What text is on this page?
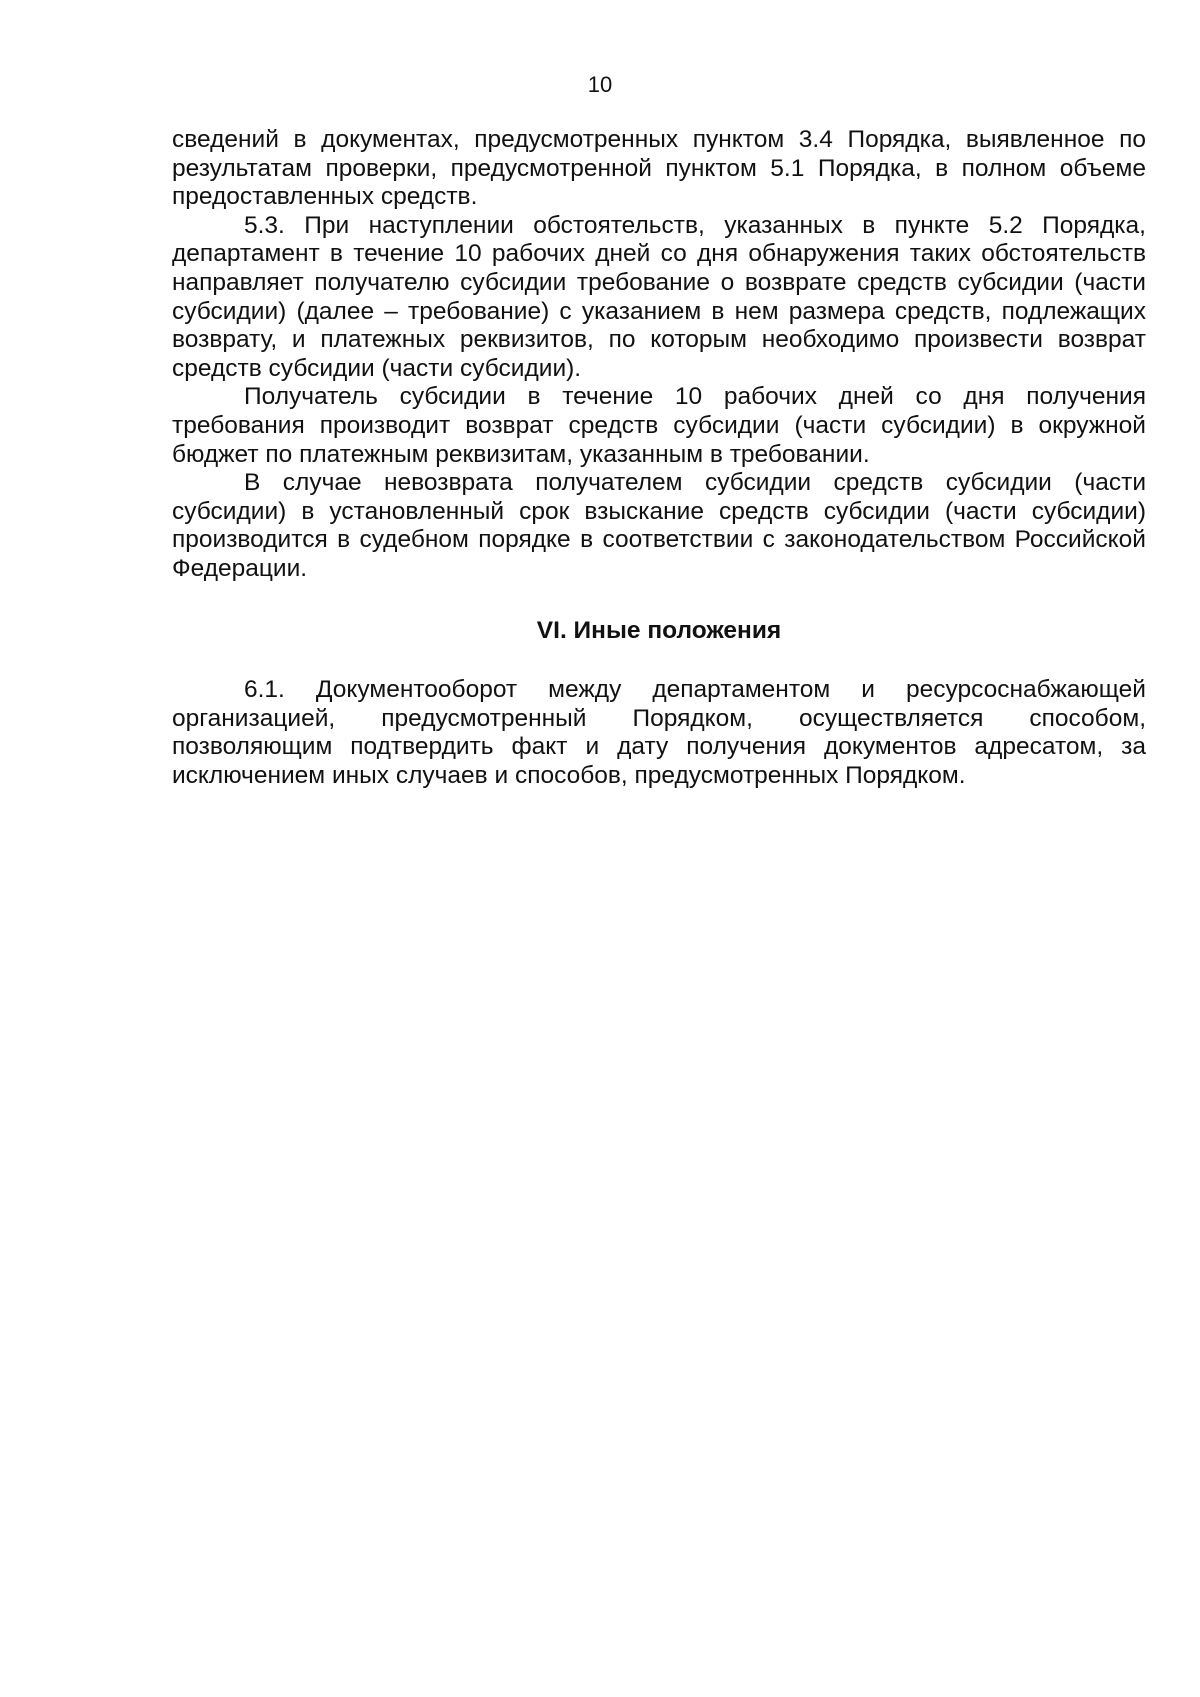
10

сведений в документах, предусмотренных пунктом 3.4 Порядка, выявленное по результатам проверки, предусмотренной пунктом 5.1 Порядка, в полном объеме предоставленных средств.

5.3. При наступлении обстоятельств, указанных в пункте 5.2 Порядка, департамент в течение 10 рабочих дней со дня обнаружения таких обстоятельств направляет получателю субсидии требование о возврате средств субсидии (части субсидии) (далее – требование) с указанием в нем размера средств, подлежащих возврату, и платежных реквизитов, по которым необходимо произвести возврат средств субсидии (части субсидии).

Получатель субсидии в течение 10 рабочих дней со дня получения требования производит возврат средств субсидии (части субсидии) в окружной бюджет по платежным реквизитам, указанным в требовании.

В случае невозврата получателем субсидии средств субсидии (части субсидии) в установленный срок взыскание средств субсидии (части субсидии) производится в судебном порядке в соответствии с законодательством Российской Федерации.

VI. Иные положения

6.1. Документооборот между департаментом и ресурсоснабжающей организацией, предусмотренный Порядком, осуществляется способом, позволяющим подтвердить факт и дату получения документов адресатом, за исключением иных случаев и способов, предусмотренных Порядком.
